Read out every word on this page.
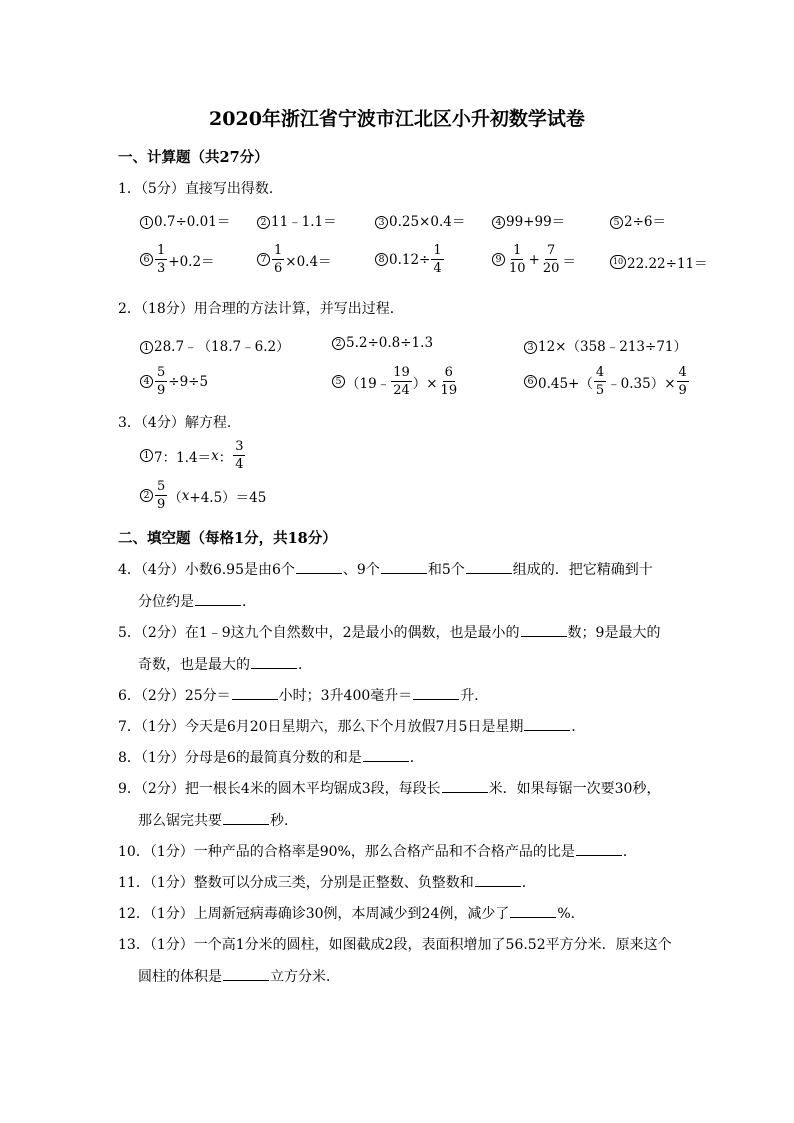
2020年浙江省宁波市江北区小升初数学试卷
一、计算题（共27分）
1．（5分）直接写出得数．
1 0.7÷0.01＝	2 11﹣1.1＝	3 0.25×0.4＝	4 99+99＝	5 2÷6＝
$6 \frac{1}{3} +0.2=$	$7 \frac{1}{6} \times 0.4=$	8 $0.12\div \frac{1}{4}$	$9 \frac{1}{10} + \frac{7}{20}$ ＝	10 22.22÷11＝
2．（18分）用合理的方法计算，并写出过程．
1 28.7﹣（18.7﹣6.2）	2 5.2÷0.8÷1.3	3 12×（358﹣213÷71）
$4 \frac{5}{9} \div 9\div 5$	5 （19﹣ $\frac{19}{24}$ ）× $\frac{6}{19}$	6 $0.45+( \frac{4}{5}$ ﹣0.35）× $\frac{4}{9}$
3．（4分）解方程．
1 7：1.4＝ x ： $\frac{3}{4}$
$2 \frac{5}{9}$ （ x +4.5）＝45
二、填空题（每格1分，共18分）
4．（4分）小数6.95是由6个	、9个	和5个	组成的．把它精确到十
分位约是	．
5．（2分）在1﹣9这九个自然数中，2是最小的偶数，也是最小的	数；9是最大的
奇数，也是最大的	．
6．（2分）25分＝	小时；3升400毫升＝	升．
7．（1分）今天是6月20日星期六，那么下个月放假7月5日是星期	．
8．（1分）分母是6的最简真分数的和是	．
9．（2分）把一根长4米的圆木平均锯成3段，每段长	米．如果每锯一次要30秒，
那么锯完共要	秒．
10．（1分）一种产品的合格率是90%，那么合格产品和不合格产品的比是	．
11．（1分）整数可以分成三类，分别是正整数、负整数和	．
12．（1分）上周新冠病毒确诊30例，本周减少到24例，减少了	%．
13．（1分）一个高1分米的圆柱，如图截成2段，表面积增加了56.52平方分米．原来这个
圆柱的体积是	立方分米．
